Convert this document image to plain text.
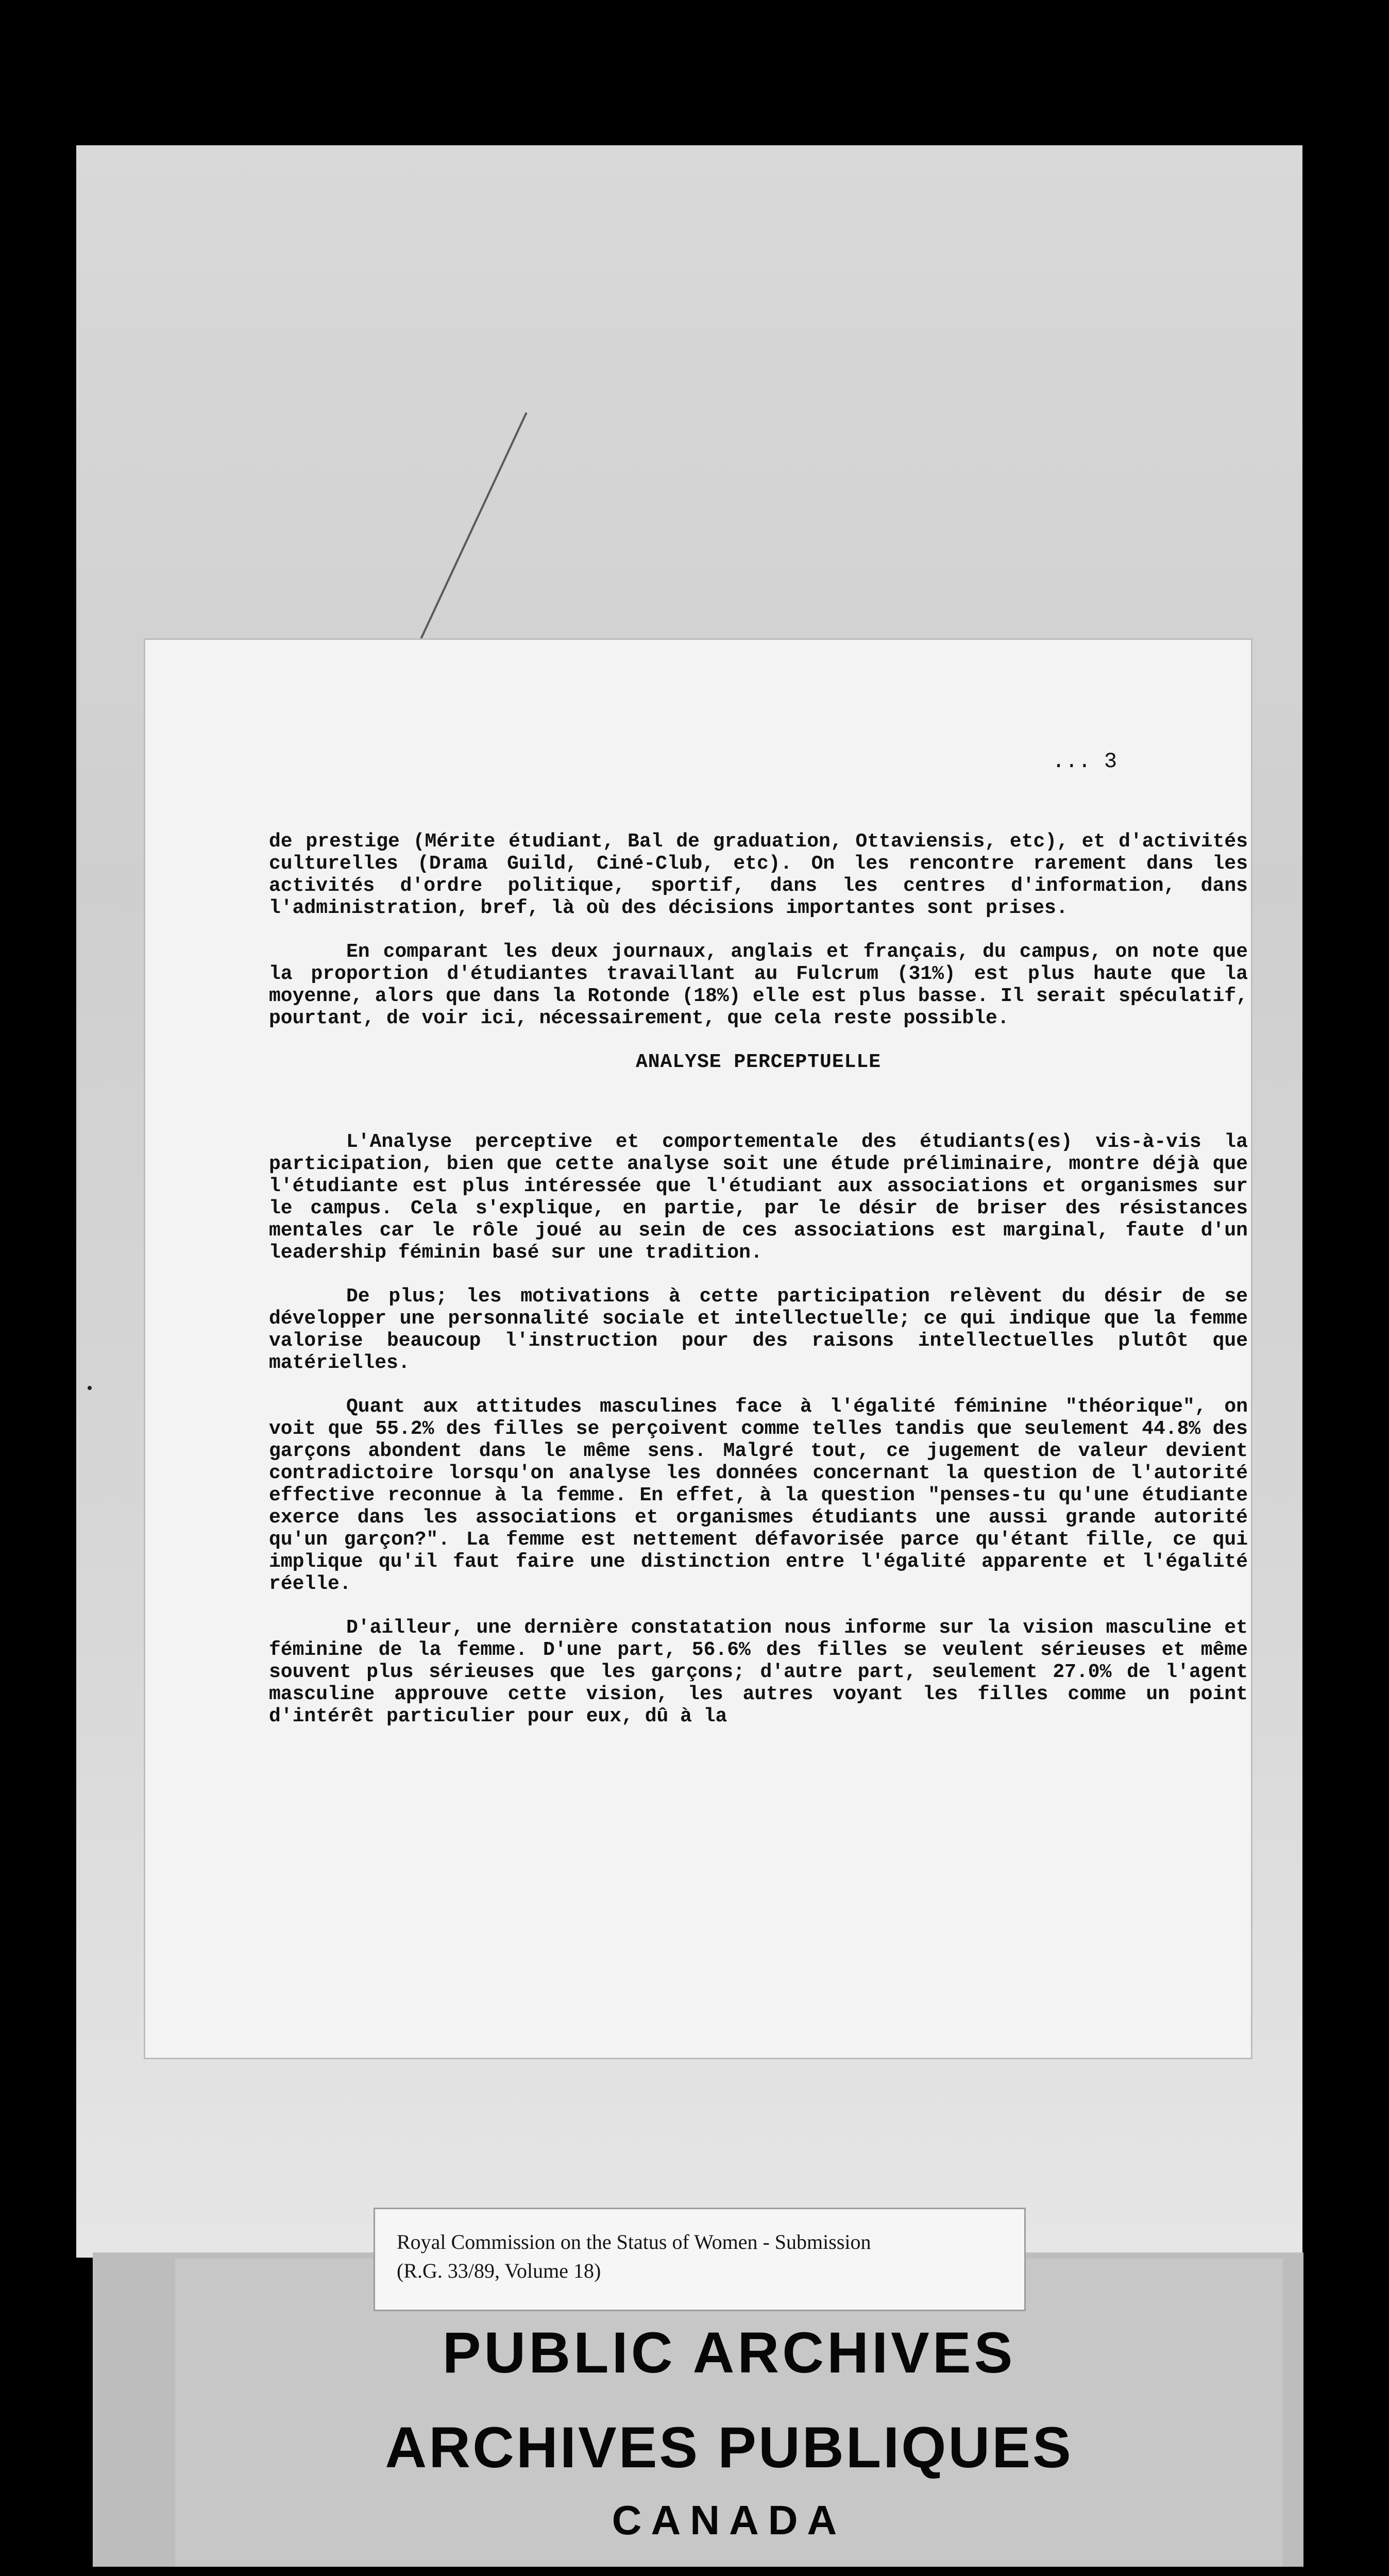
... 3

de prestige (Mérite étudiant, Bal de graduation, Ottaviensis, etc), et d'activités culturelles (Drama Guild, Ciné-Club, etc). On les rencontre rarement dans les activités d'ordre politique, sportif, dans les centres d'information, dans l'administration, bref, là où des décisions importantes sont prises.

En comparant les deux journaux, anglais et français, du campus, on note que la proportion d'étudiantes travaillant au Fulcrum (31%) est plus haute que la moyenne, alors que dans la Rotonde (18%) elle est plus basse. Il serait spéculatif, pourtant, de voir ici, nécessairement, que cela reste possible.

ANALYSE PERCEPTUELLE

L'Analyse perceptive et comportementale des étudiants(es) vis-à-vis la participation, bien que cette analyse soit une étude préliminaire, montre déjà que l'étudiante est plus intéressée que l'étudiant aux associations et organismes sur le campus. Cela s'explique, en partie, par le désir de briser des résistances mentales car le rôle joué au sein de ces associations est marginal, faute d'un leadership féminin basé sur une tradition.

De plus; les motivations à cette participation relèvent du désir de se développer une personnalité sociale et intellectuelle; ce qui indique que la femme valorise beaucoup l'instruction pour des raisons intellectuelles plutôt que matérielles.

Quant aux attitudes masculines face à l'égalité féminine "théorique", on voit que 55.2% des filles se perçoivent comme telles tandis que seulement 44.8% des garçons abondent dans le même sens. Malgré tout, ce jugement de valeur devient contradictoire lorsqu'on analyse les données concernant la question de l'autorité effective reconnue à la femme. En effet, à la question "penses-tu qu'une étudiante exerce dans les associations et organismes étudiants une aussi grande autorité qu'un garçon?". La femme est nettement défavorisée parce qu'étant fille, ce qui implique qu'il faut faire une distinction entre l'égalité apparente et l'égalité réelle.

D'ailleur, une dernière constatation nous informe sur la vision masculine et féminine de la femme. D'une part, 56.6% des filles se veulent sérieuses et même souvent plus sérieuses que les garçons; d'autre part, seulement 27.0% de l'agent masculine approuve cette vision, les autres voyant les filles comme un point d'intérêt particulier pour eux, dû à la

PUBLIC ARCHIVES
ARCHIVES PUBLIQUES
CANADA
Royal Commission on the Status of Women - Submission
(R.G. 33/89, Volume 18)
